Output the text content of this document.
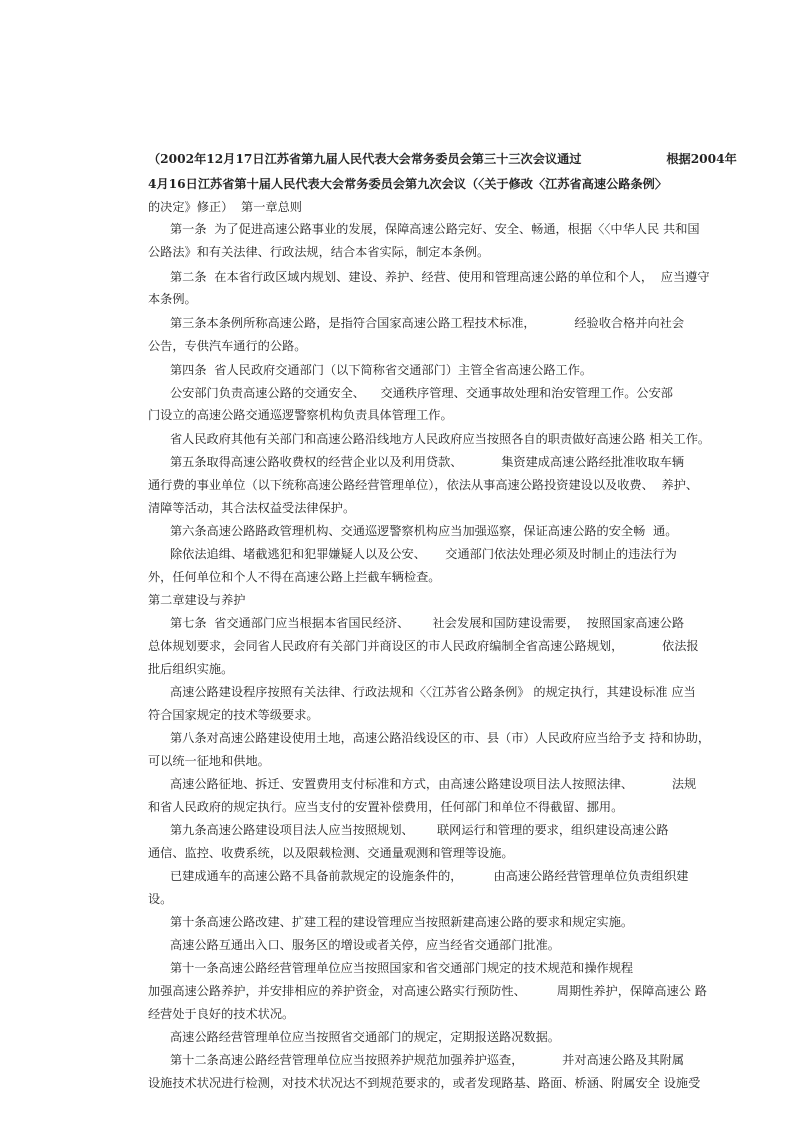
（2002年12月17日江苏省第九届人民代表大会常务委员会第三十三次会议通过                    根据2004年
4月16日江苏省第十届人民代表大会常务委员会第九次会议（〈关于修改〈江苏省高速公路条例〉
的决定》修正）  第一章总则
第一条  为了促进高速公路事业的发展，保障高速公路完好、安全、畅通，根据〈〈中华人民 共和国
公路法》和有关法律、行政法规，结合本省实际，制定本条例。
第二条  在本省行政区域内规划、建设、养护、经营、使用和管理高速公路的单位和个人，  应当遵守
本条例。
第三条本条例所称高速公路，是指符合国家高速公路工程技术标准，          经验收合格并向社会
公告，专供汽车通行的公路。
第四条  省人民政府交通部门（以下简称省交通部门）主管全省高速公路工作。
公安部门负责高速公路的交通安全、    交通秩序管理、交通事故处理和治安管理工作。公安部
门设立的高速公路交通巡逻警察机构负责具体管理工作。
省人民政府其他有关部门和高速公路沿线地方人民政府应当按照各自的职责做好高速公路 相关工作。
第五条取得高速公路收费权的经营企业以及利用贷款、          集资建成高速公路经批准收取车辆
通行费的事业单位（以下统称高速公路经营管理单位），依法从事高速公路投资建设以及收费、  养护、
清障等活动，其合法权益受法律保护。
第六条高速公路路政管理机构、交通巡逻警察机构应当加强巡察，保证高速公路的安全畅  通。
除依法追缉、堵截逃犯和犯罪嫌疑人以及公安、     交通部门依法处理必须及时制止的违法行为
外，任何单位和个人不得在高速公路上拦截车辆检查。
第二章建设与养护
第七条  省交通部门应当根据本省国民经济、      社会发展和国防建设需要，  按照国家高速公路
总体规划要求，会同省人民政府有关部门并商设区的市人民政府编制全省高速公路规划，          依法报
批后组织实施。
高速公路建设程序按照有关法律、行政法规和〈〈江苏省公路条例》 的规定执行，其建设标准 应当
符合国家规定的技术等级要求。
第八条对高速公路建设使用土地，高速公路沿线设区的市、县（市）人民政府应当给予支 持和协助，
可以统一征地和供地。
高速公路征地、拆迁、安置费用支付标准和方式，由高速公路建设项目法人按照法律、          法规
和省人民政府的规定执行。应当支付的安置补偿费用，任何部门和单位不得截留、挪用。
第九条高速公路建设项目法人应当按照规划、      联网运行和管理的要求，组织建设高速公路
通信、监控、收费系统，以及限载检测、交通量观测和管理等设施。
已建成通车的高速公路不具备前款规定的设施条件的，        由高速公路经营管理单位负责组织建
设。
第十条高速公路改建、扩建工程的建设管理应当按照新建高速公路的要求和规定实施。
高速公路互通出入口、服务区的增设或者关停，应当经省交通部门批准。
第十一条高速公路经营管理单位应当按照国家和省交通部门规定的技术规范和操作规程
加强高速公路养护，并安排相应的养护资金，对高速公路实行预防性、        周期性养护，保障高速公 路
经营处于良好的技术状况。
高速公路经营管理单位应当按照省交通部门的规定，定期报送路况数据。
第十二条高速公路经营管理单位应当按照养护规范加强养护巡查，          并对高速公路及其附属
设施技术状况进行检测，对技术状况达不到规范要求的，或者发现路基、路面、桥涵、附属安全 设施受
